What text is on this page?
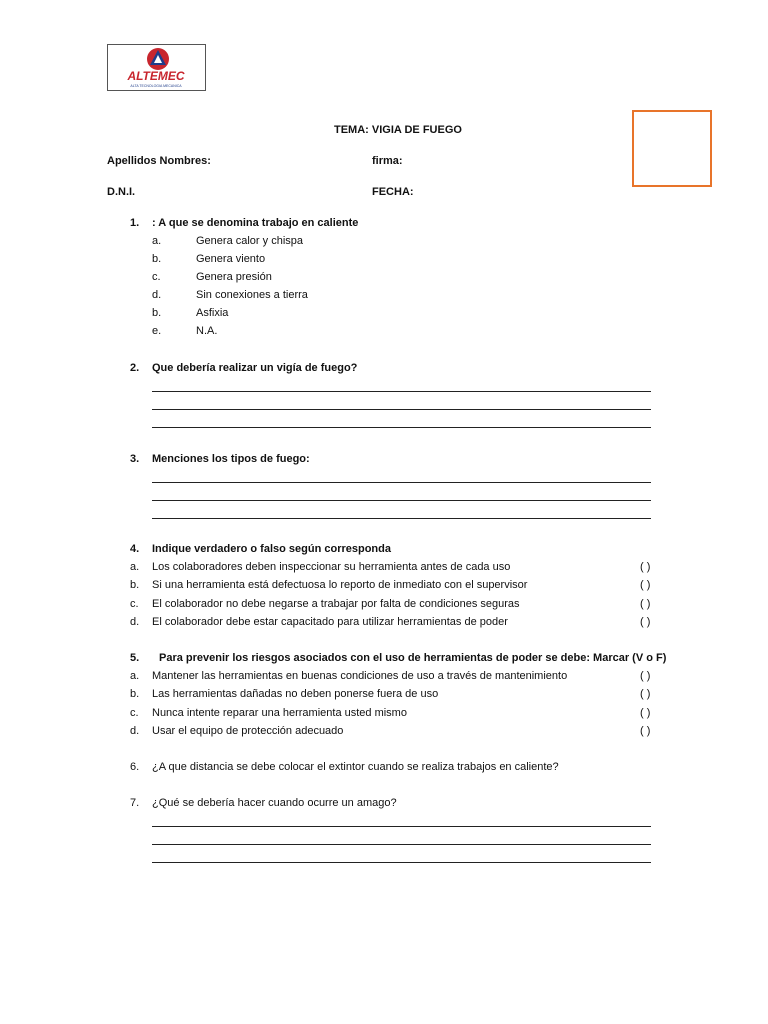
ALTEMEC
ALTA TECNOLOGIA MECANICA
TEMA: VIGIA DE FUEGO
Apellidos Nombres:	firma:
D.N.I.	FECHA:
1. : A que se denomina trabajo en caliente
a.	Genera calor y chispa
b.	Genera viento
c.	Genera presión
d.	Sin conexiones a tierra
b.	Asfixia
e.	N.A.
2. Que debería realizar un vigía de fuego?
3. Menciones los tipos de fuego:
4. Indique verdadero o falso según corresponda
a. Los colaboradores deben inspeccionar su herramienta antes de cada uso	( )
b. Si una herramienta está defectuosa lo reporto de inmediato con el supervisor	( )
c. El colaborador no debe negarse a trabajar por falta de condiciones seguras	( )
d. El colaborador debe estar capacitado para utilizar herramientas de poder	( )
5. Para prevenir los riesgos asociados con el uso de herramientas de poder se debe: Marcar (V o F)
a. Mantener las herramientas en buenas condiciones de uso a través de mantenimiento	( )
b. Las herramientas dañadas no deben ponerse fuera de uso	( )
c. Nunca intente reparar una herramienta usted mismo	( )
d. Usar el equipo de protección adecuado	( )
6. ¿A que distancia se debe colocar el extintor cuando se realiza trabajos en caliente?
7. ¿Qué se debería hacer cuando ocurre un amago?
